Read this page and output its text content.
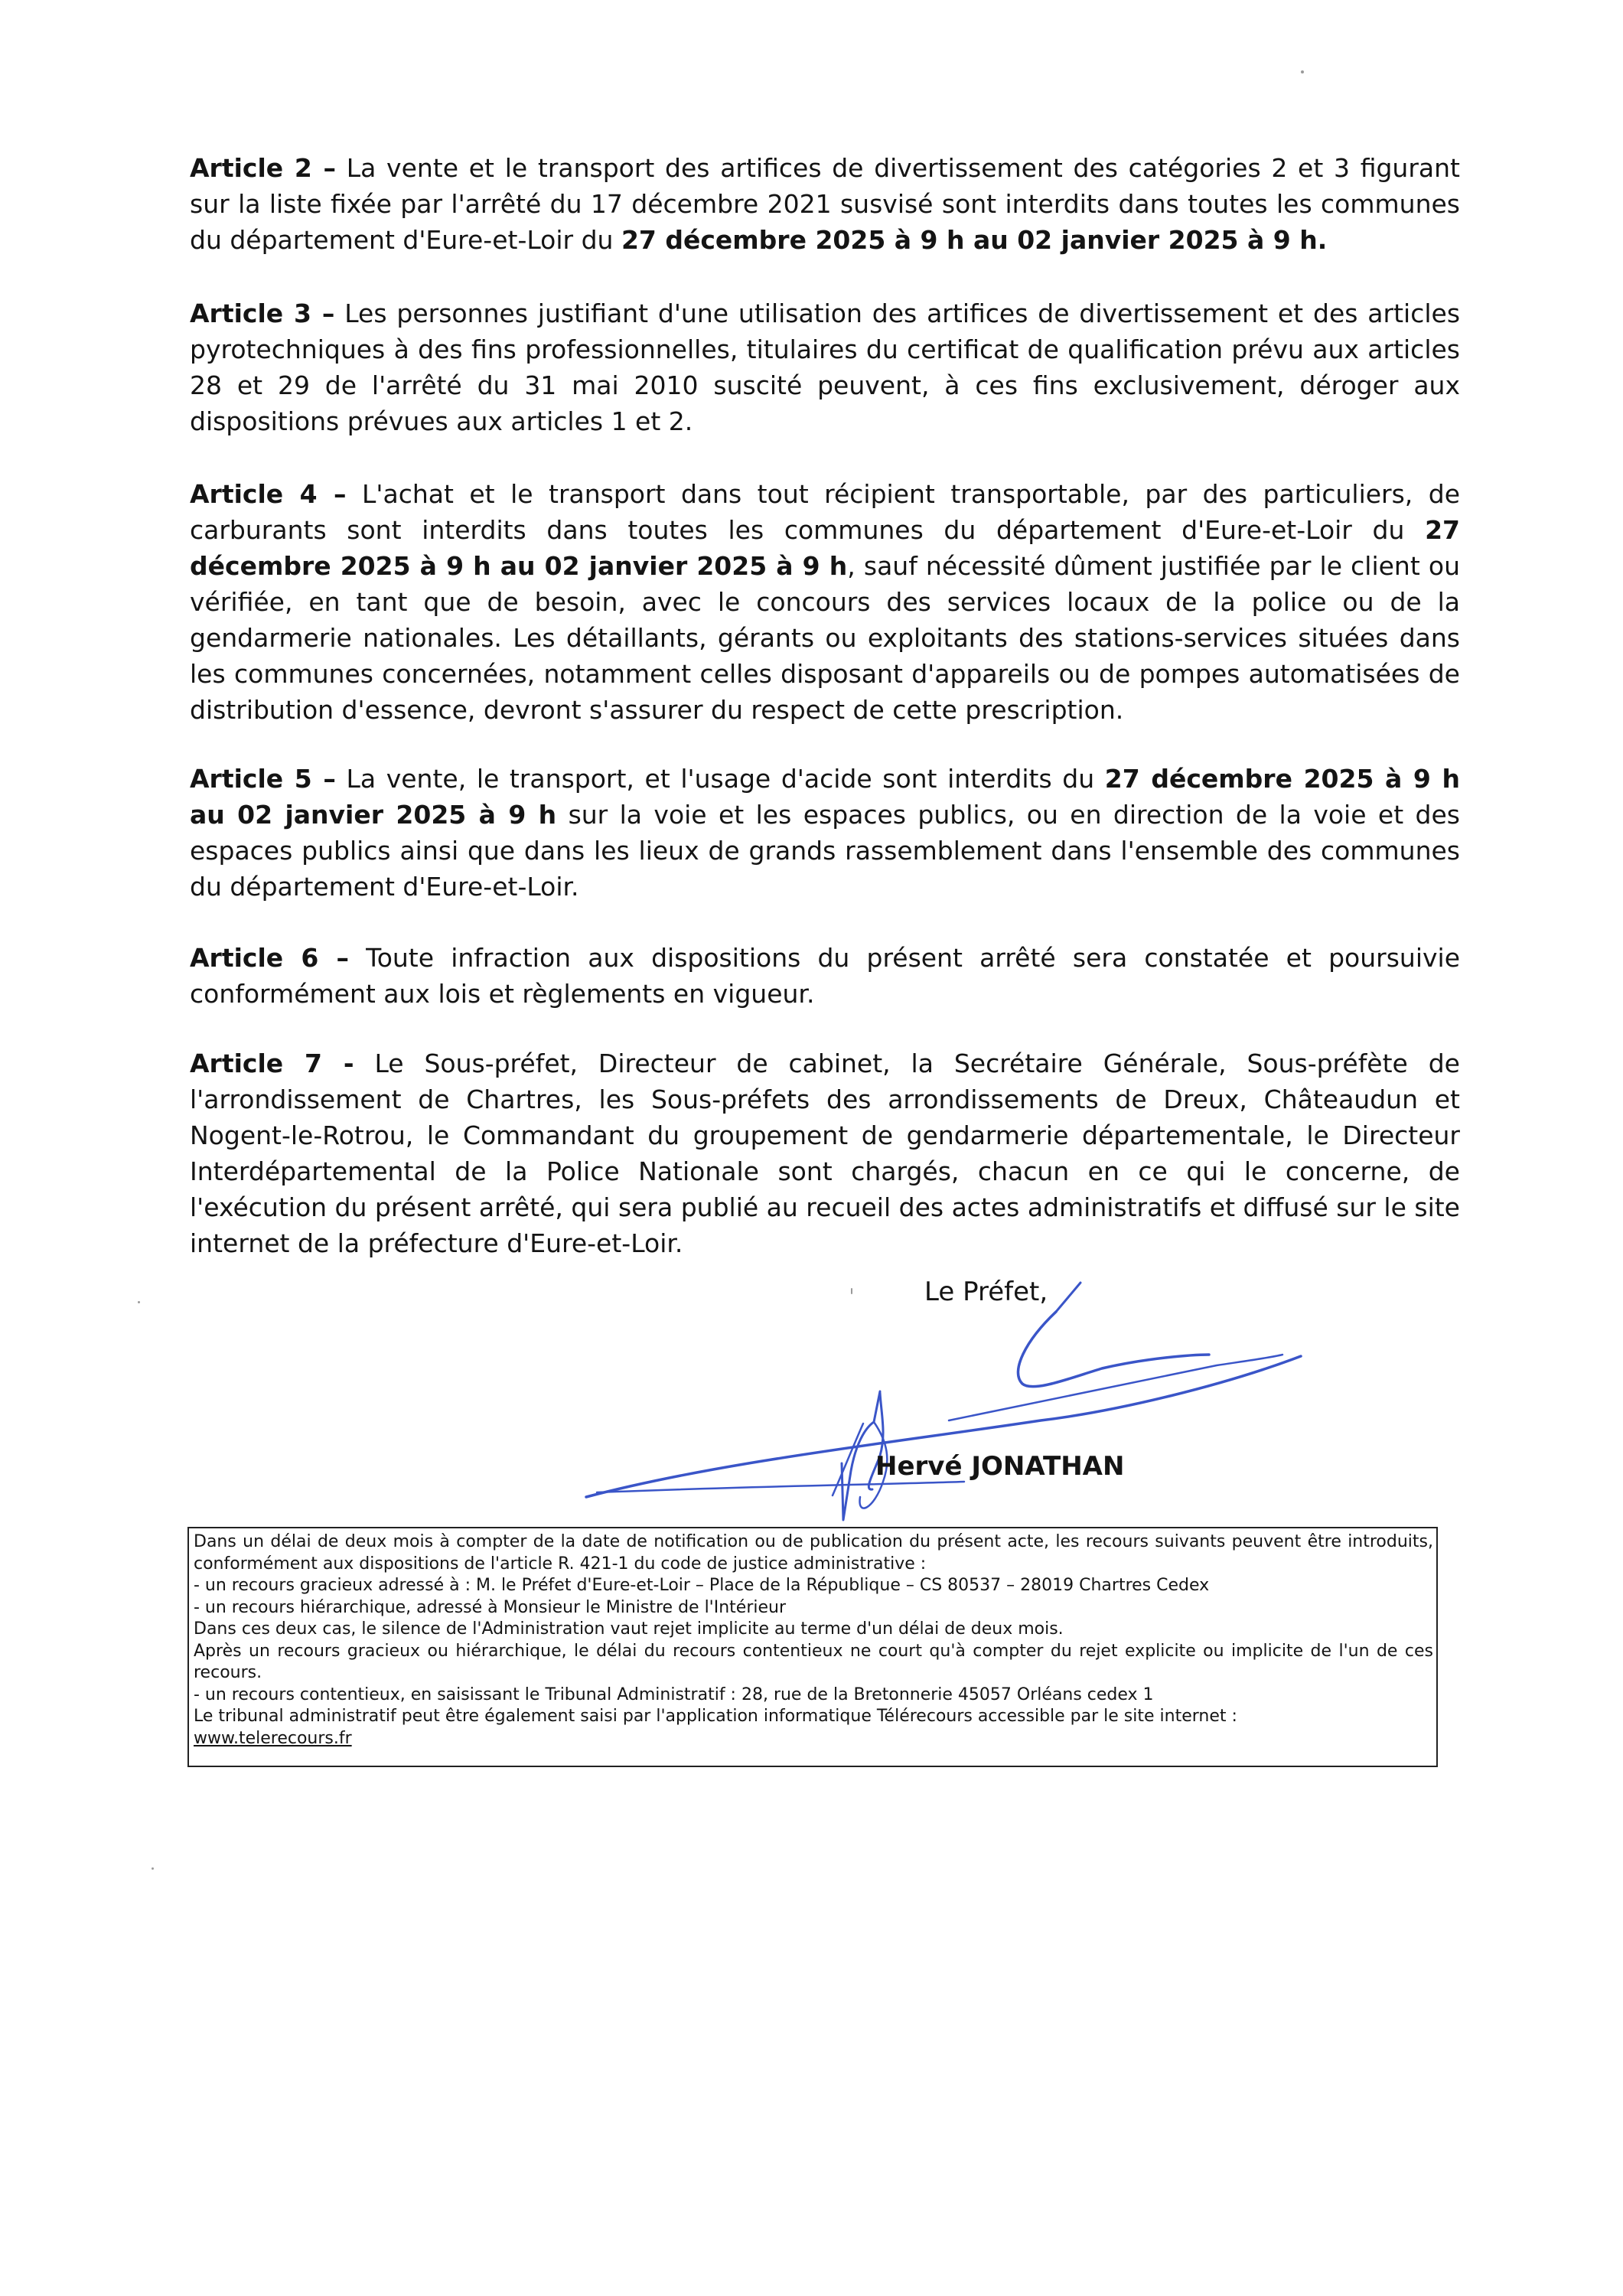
Article 2 – La vente et le transport des artifices de divertissement des catégories 2 et 3 figurant sur la liste fixée par l'arrêté du 17 décembre 2021 susvisé sont interdits dans toutes les communes du département d'Eure-et-Loir du 27 décembre 2025 à 9 h au 02 janvier 2025 à 9 h.

Article 3 – Les personnes justifiant d'une utilisation des artifices de divertissement et des articles pyrotechniques à des fins professionnelles, titulaires du certificat de qualification prévu aux articles 28 et 29 de l'arrêté du 31 mai 2010 suscité peuvent, à ces fins exclusivement, déroger aux dispositions prévues aux articles 1 et 2.

Article 4 – L'achat et le transport dans tout récipient transportable, par des particuliers, de carburants sont interdits dans toutes les communes du département d'Eure-et-Loir du 27 décembre 2025 à 9 h au 02 janvier 2025 à 9 h, sauf nécessité dûment justifiée par le client ou vérifiée, en tant que de besoin, avec le concours des services locaux de la police ou de la gendarmerie nationales. Les détaillants, gérants ou exploitants des stations-services situées dans les communes concernées, notamment celles disposant d'appareils ou de pompes automatisées de distribution d'essence, devront s'assurer du respect de cette prescription.

Article 5 – La vente, le transport, et l'usage d'acide sont interdits du 27 décembre 2025 à 9 h au 02 janvier 2025 à 9 h sur la voie et les espaces publics, ou en direction de la voie et des espaces publics ainsi que dans les lieux de grands rassemblement dans l'ensemble des communes du département d'Eure-et-Loir.

Article 6 – Toute infraction aux dispositions du présent arrêté sera constatée et poursuivie conformément aux lois et règlements en vigueur.

Article 7 - Le Sous-préfet, Directeur de cabinet, la Secrétaire Générale, Sous-préfète de l'arrondissement de Chartres, les Sous-préfets des arrondissements de Dreux, Châteaudun et Nogent-le-Rotrou, le Commandant du groupement de gendarmerie départementale, le Directeur Interdépartemental de la Police Nationale sont chargés, chacun en ce qui le concerne, de l'exécution du présent arrêté, qui sera publié au recueil des actes administratifs et diffusé sur le site internet de la préfecture d'Eure-et-Loir.

Le Préfet,

Hervé JONATHAN

Dans un délai de deux mois à compter de la date de notification ou de publication du présent acte, les recours suivants peuvent être introduits, conformément aux dispositions de l'article R. 421-1 du code de justice administrative :
- un recours gracieux adressé à : M. le Préfet d'Eure-et-Loir – Place de la République – CS 80537 – 28019 Chartres Cedex
- un recours hiérarchique, adressé à Monsieur le Ministre de l'Intérieur
Dans ces deux cas, le silence de l'Administration vaut rejet implicite au terme d'un délai de deux mois.
Après un recours gracieux ou hiérarchique, le délai du recours contentieux ne court qu'à compter du rejet explicite ou implicite de l'un de ces recours.
- un recours contentieux, en saisissant le Tribunal Administratif : 28, rue de la Bretonnerie 45057 Orléans cedex 1
Le tribunal administratif peut être également saisi par l'application informatique Télérecours accessible par le site internet :
www.telerecours.fr
